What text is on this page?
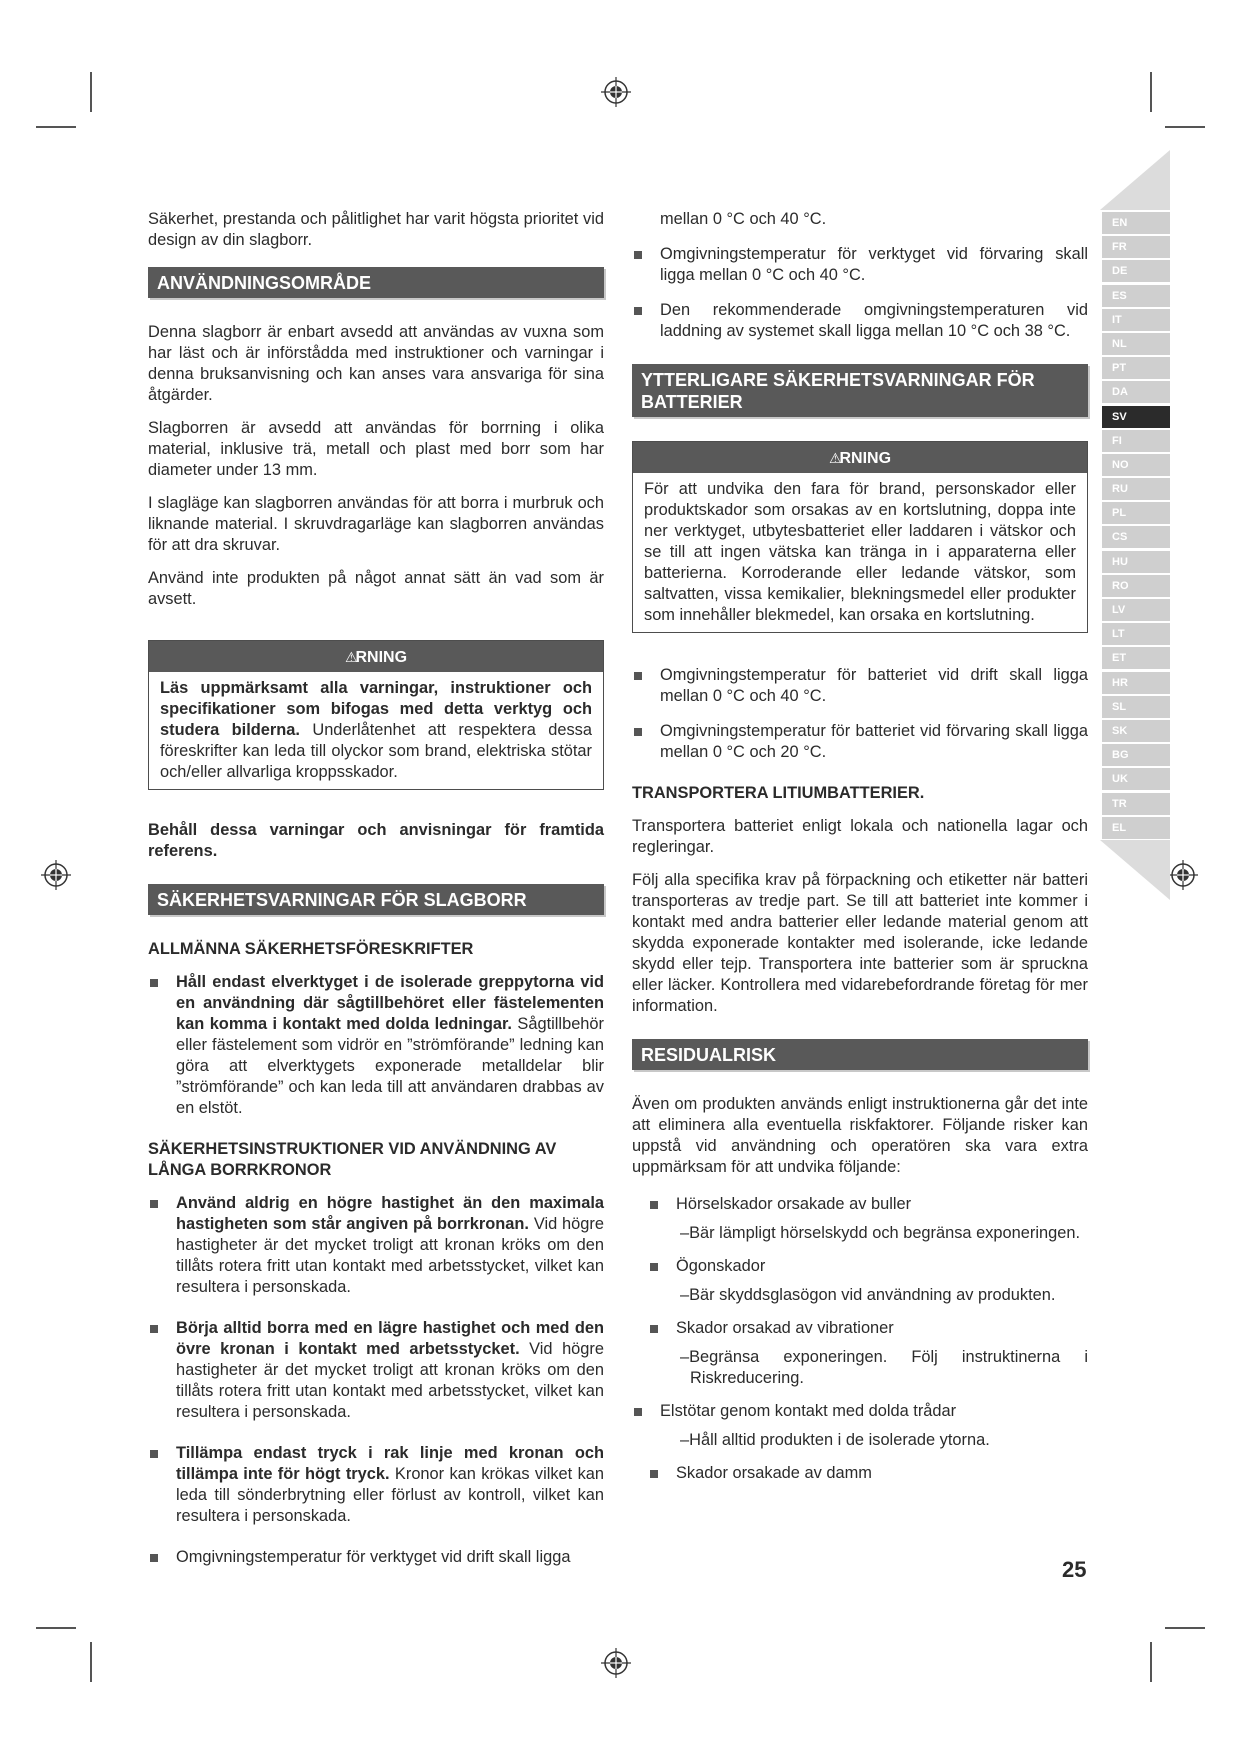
Säkerhet, prestanda och pålitlighet har varit högsta prioritet vid design av din slagborr.

ANVÄNDNINGSOMRÅDE

Denna slagborr är enbart avsedd att användas av vuxna som har läst och är införstådda med instruktioner och varningar i denna bruksanvisning och kan anses vara ansvariga för sina åtgärder.

Slagborren är avsedd att användas för borrning i olika material, inklusive trä, metall och plast med borr som har diameter under 13 mm.

I slagläge kan slagborren användas för att borra i murbruk och liknande material. I skruvdragarläge kan slagborren användas för att dra skruvar.

Använd inte produkten på något annat sätt än vad som är avsett.

⚠RNING
Läs uppmärksamt alla varningar, instruktioner och specifikationer som bifogas med detta verktyg och studera bilderna. Underlåtenhet att respektera dessa föreskrifter kan leda till olyckor som brand, elektriska stötar och/eller allvarliga kroppsskador.

Behåll dessa varningar och anvisningar för framtida referens.

SÄKERHETSVARNINGAR FÖR SLAGBORR
ALLMÄNNA SÄKERHETSFÖRESKRIFTER
Håll endast elverktyget i de isolerade greppytorna vid en användning där sågtillbehöret eller fästelementen kan komma i kontakt med dolda ledningar. Sågtillbehör eller fästelement som vidrör en ”strömförande” ledning kan göra att elverktygets exponerade metalldelar blir ”strömförande” och kan leda till att användaren drabbas av en elstöt.
SÄKERHETSINSTRUKTIONER VID ANVÄNDNING AV LÅNGA BORRKRONOR
Använd aldrig en högre hastighet än den maximala hastigheten som står angiven på borrkronan. Vid högre hastigheter är det mycket troligt att kronan kröks om den tillåts rotera fritt utan kontakt med arbetsstycket, vilket kan resultera i personskada.
Börja alltid borra med en lägre hastighet och med den övre kronan i kontakt med arbetsstycket. Vid högre hastigheter är det mycket troligt att kronan kröks om den tillåts rotera fritt utan kontakt med arbetsstycket, vilket kan resultera i personskada.
Tillämpa endast tryck i rak linje med kronan och tillämpa inte för högt tryck. Kronor kan krökas vilket kan leda till sönderbrytning eller förlust av kontroll, vilket kan resultera i personskada.
Omgivningstemperatur för verktyget vid drift skall ligga

mellan 0 °C och 40 °C.

Omgivningstemperatur för verktyget vid förvaring skall ligga mellan 0 °C och 40 °C.
Den rekommenderade omgivningstemperaturen vid laddning av systemet skall ligga mellan 10 °C och 38 °C.
YTTERLIGARE SÄKERHETSVARNINGAR FÖR BATTERIER
⚠RNING
För att undvika den fara för brand, personskador eller produktskador som orsakas av en kortslutning, doppa inte ner verktyget, utbytesbatteriet eller laddaren i vätskor och se till att ingen vätska kan tränga in i apparaterna eller batterierna. Korroderande eller ledande vätskor, som saltvatten, vissa kemikalier, blekningsmedel eller produkter som innehåller blekmedel, kan orsaka en kortslutning.
Omgivningstemperatur för batteriet vid drift skall ligga mellan 0 °C och 40 °C.
Omgivningstemperatur för batteriet vid förvaring skall ligga mellan 0 °C och 20 °C.
TRANSPORTERA LITIUMBATTERIER.

Transportera batteriet enligt lokala och nationella lagar och regleringar.

Följ alla specifika krav på förpackning och etiketter när batteri transporteras av tredje part. Se till att batteriet inte kommer i kontakt med andra batterier eller ledande material genom att skydda exponerade kontakter med isolerande, icke ledande skydd eller tejp. Transportera inte batterier som är spruckna eller läcker. Kontrollera med vidarebefordrande företag för mer information.

RESIDUALRISK

Även om produkten används enligt instruktionerna går det inte att eliminera alla eventuella riskfaktorer. Följande risker kan uppstå vid användning och operatören ska vara extra uppmärksam för att undvika följande:

Hörselskador orsakade av buller
–Bär lämpligt hörselskydd och begränsa exponeringen.
Ögonskador
–Bär skyddsglasögon vid användning av produkten.
Skador orsakad av vibrationer
–Begränsa exponeringen. Följ instruktinerna i Riskreducering.
Elstötar genom kontakt med dolda trådar
–Håll alltid produkten i de isolerade ytorna.
Skador orsakade av damm
EN
FR
DE
ES
IT
NL
PT
DA
SV
FI
NO
RU
PL
CS
HU
RO
LV
LT
ET
HR
SL
SK
BG
UK
TR
EL
25
